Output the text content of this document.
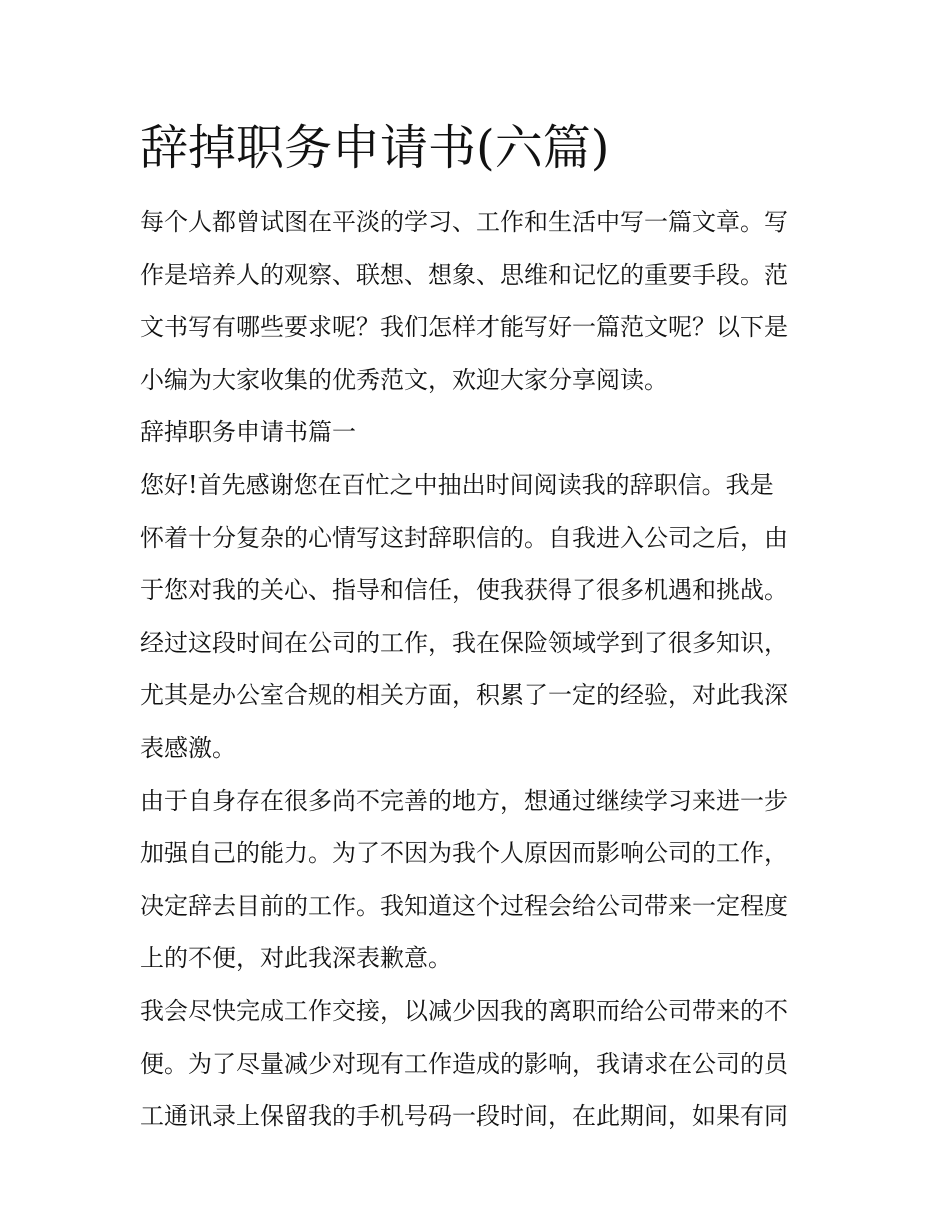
辞掉职务申请书(六篇)
每个人都曾试图在平淡的学习、工作和生活中写一篇文章。写
作是培养人的观察、联想、想象、思维和记忆的重要手段。范
文书写有哪些要求呢？我们怎样才能写好一篇范文呢？以下是
小编为大家收集的优秀范文，欢迎大家分享阅读。
辞掉职务申请书篇一
您好!首先感谢您在百忙之中抽出时间阅读我的辞职信。我是
怀着十分复杂的心情写这封辞职信的。自我进入公司之后，由
于您对我的关心、指导和信任，使我获得了很多机遇和挑战。
经过这段时间在公司的工作，我在保险领域学到了很多知识，
尤其是办公室合规的相关方面，积累了一定的经验，对此我深
表感激。
由于自身存在很多尚不完善的地方，想通过继续学习来进一步
加强自己的能力。为了不因为我个人原因而影响公司的工作，
决定辞去目前的工作。我知道这个过程会给公司带来一定程度
上的不便，对此我深表歉意。
我会尽快完成工作交接，以减少因我的离职而给公司带来的不
便。为了尽量减少对现有工作造成的影响，我请求在公司的员
工通讯录上保留我的手机号码一段时间，在此期间，如果有同
